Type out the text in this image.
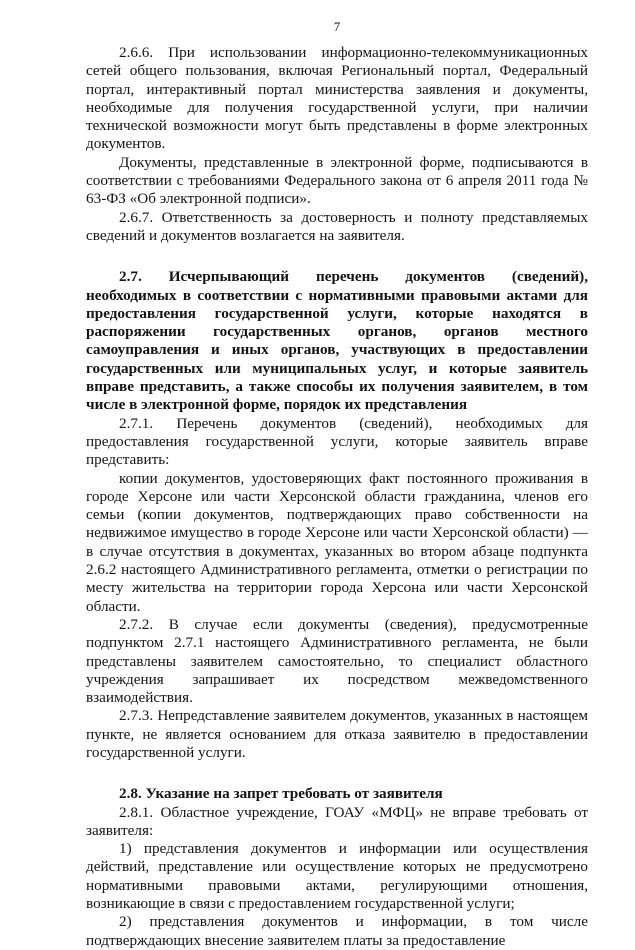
7

2.6.6. При использовании информационно-телекоммуникационных сетей общего пользования, включая Региональный портал, Федеральный портал, интерактивный портал министерства заявления и документы, необходимые для получения государственной услуги, при наличии технической возможности могут быть представлены в форме электронных документов.

Документы, представленные в электронной форме, подписываются в соответствии с требованиями Федерального закона от 6 апреля 2011 года № 63-ФЗ «Об электронной подписи».

2.6.7. Ответственность за достоверность и полноту представляемых сведений и документов возлагается на заявителя.

2.7. Исчерпывающий перечень документов (сведений), необходимых в соответствии с нормативными правовыми актами для предоставления государственной услуги, которые находятся в распоряжении государственных органов, органов местного самоуправления и иных органов, участвующих в предоставлении государственных или муниципальных услуг, и которые заявитель вправе представить, а также способы их получения заявителем, в том числе в электронной форме, порядок их представления

2.7.1. Перечень документов (сведений), необходимых для предоставления государственной услуги, которые заявитель вправе представить:

копии документов, удостоверяющих факт постоянного проживания в городе Херсоне или части Херсонской области гражданина, членов его семьи (копии документов, подтверждающих право собственности на недвижимое имущество в городе Херсоне или части Херсонской области) — в случае отсутствия в документах, указанных во втором абзаце подпункта 2.6.2 настоящего Административного регламента, отметки о регистрации по месту жительства на территории города Херсона или части Херсонской области.

2.7.2. В случае если документы (сведения), предусмотренные подпунктом 2.7.1 настоящего Административного регламента, не были представлены заявителем самостоятельно, то специалист областного учреждения запрашивает их посредством межведомственного взаимодействия.

2.7.3. Непредставление заявителем документов, указанных в настоящем пункте, не является основанием для отказа заявителю в предоставлении государственной услуги.

2.8. Указание на запрет требовать от заявителя

2.8.1. Областное учреждение, ГОАУ «МФЦ» не вправе требовать от заявителя:

1) представления документов и информации или осуществления действий, представление или осуществление которых не предусмотрено нормативными правовыми актами, регулирующими отношения, возникающие в связи с предоставлением государственной услуги;

2) представления документов и информации, в том числе подтверждающих внесение заявителем платы за предоставление
